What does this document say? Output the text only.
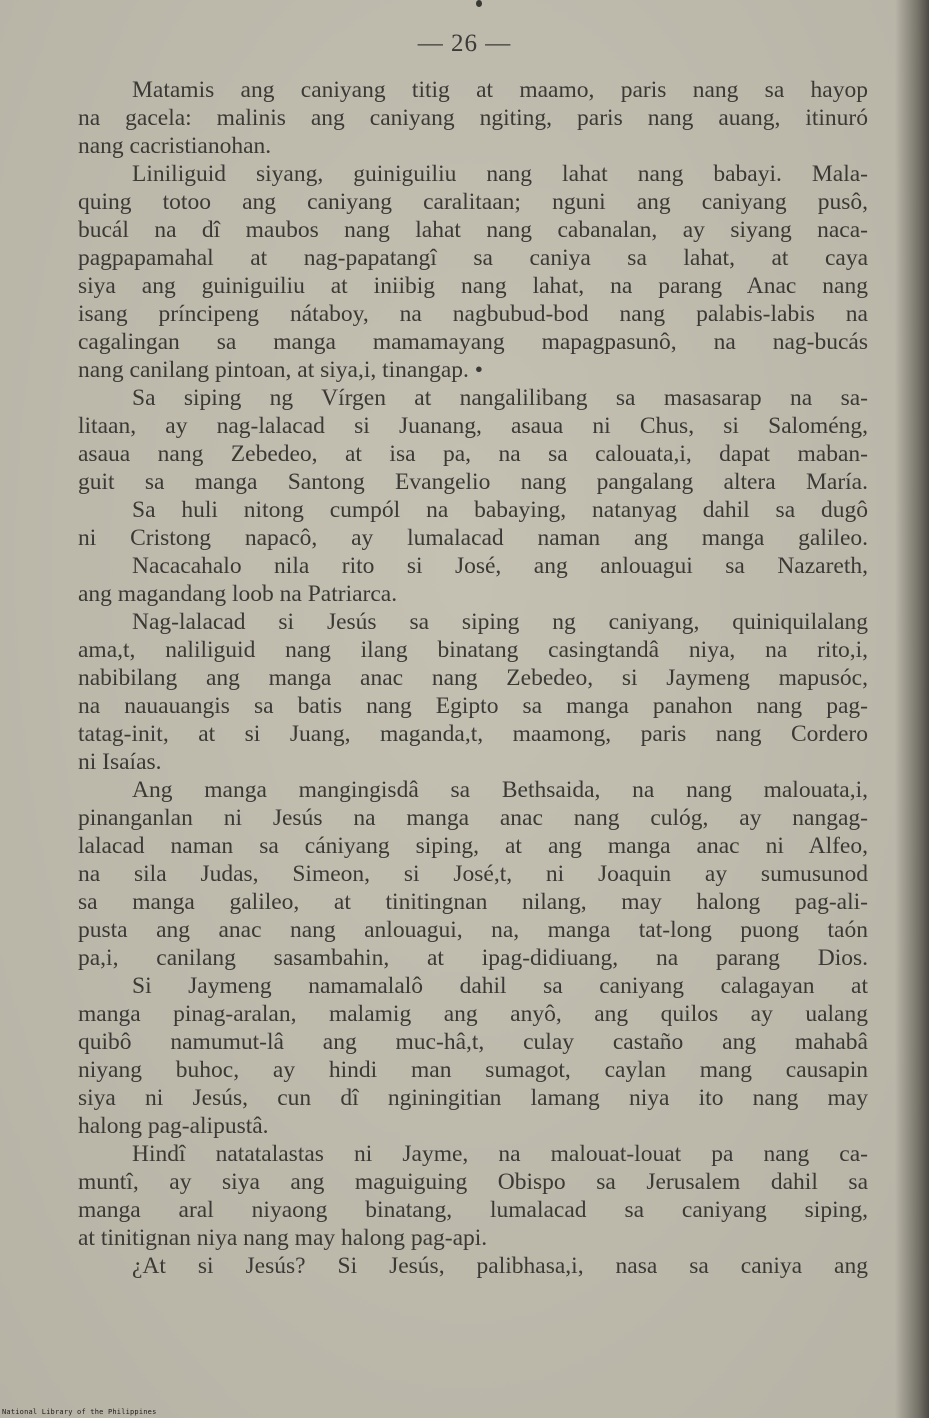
— 26 —
Matamis ang caniyang titig at maamo, paris nang sa hayop
na gacela: malinis ang caniyang ngiting, paris nang auang, itinuró
nang cacristianohan.
Liniliguid siyang, guiniguiliu nang lahat nang babayi. Mala-
quing totoo ang caniyang caralitaan; nguni ang caniyang pusô,
bucál na dî maubos nang lahat nang cabanalan, ay siyang naca-
pagpapamahal at nag-papatangî sa caniya sa lahat, at caya
siya ang guiniguiliu at iniibig nang lahat, na parang Anac nang
isang príncipeng nátaboy, na nagbubud-bod nang palabis-labis na
cagalingan sa manga mamamayang mapagpasunô, na nag-bucás
nang canilang pintoan, at siya,i, tinangap. •
Sa siping ng Vírgen at nangalilibang sa masasarap na sa-
litaan, ay nag-lalacad si Juanang, asaua ni Chus, si Saloméng,
asaua nang Zebedeo, at isa pa, na sa calouata,i, dapat maban-
guit sa manga Santong Evangelio nang pangalang altera María.
Sa huli nitong cumpól na babaying, natanyag dahil sa dugô
ni Cristong napacô, ay lumalacad naman ang manga galileo.
Nacacahalo nila rito si José, ang anlouagui sa Nazareth,
ang magandang loob na Patriarca.
Nag-lalacad si Jesús sa siping ng caniyang, quiniquilalang
ama,t, naliliguid nang ilang binatang casingtandâ niya, na rito,i,
nabibilang ang manga anac nang Zebedeo, si Jaymeng mapusóc,
na nauauangis sa batis nang Egipto sa manga panahon nang pag-
tatag-init, at si Juang, maganda,t, maamong, paris nang Cordero
ni Isaías.
Ang manga mangingisdâ sa Bethsaida, na nang malouata,i,
pinanganlan ni Jesús na manga anac nang culóg, ay nangag-
lalacad naman sa cániyang siping, at ang manga anac ni Alfeo,
na sila Judas, Simeon, si José,t, ni Joaquin ay sumusunod
sa manga galileo, at tinitingnan nilang, may halong pag-ali-
pusta ang anac nang anlouagui, na, manga tat-long puong taón
pa,i, canilang sasambahin, at ipag-didiuang, na parang Dios.
Si Jaymeng namamalalô dahil sa caniyang calagayan at
manga pinag-aralan, malamig ang anyô, ang quilos ay ualang
quibô namumut-lâ ang muc-hâ,t, culay castaño ang mahabâ
niyang buhoc, ay hindi man sumagot, caylan mang causapin
siya ni Jesús, cun dî nginingitian lamang niya ito nang may
halong pag-alipustâ.
Hindî natatalastas ni Jayme, na malouat-louat pa nang ca-
muntî, ay siya ang maguiguing Obispo sa Jerusalem dahil sa
manga aral niyaong binatang, lumalacad sa caniyang siping,
at tinitignan niya nang may halong pag-api.
¿At si Jesús? Si Jesús, palibhasa,i, nasa sa caniya ang
National Library of the Philippines
